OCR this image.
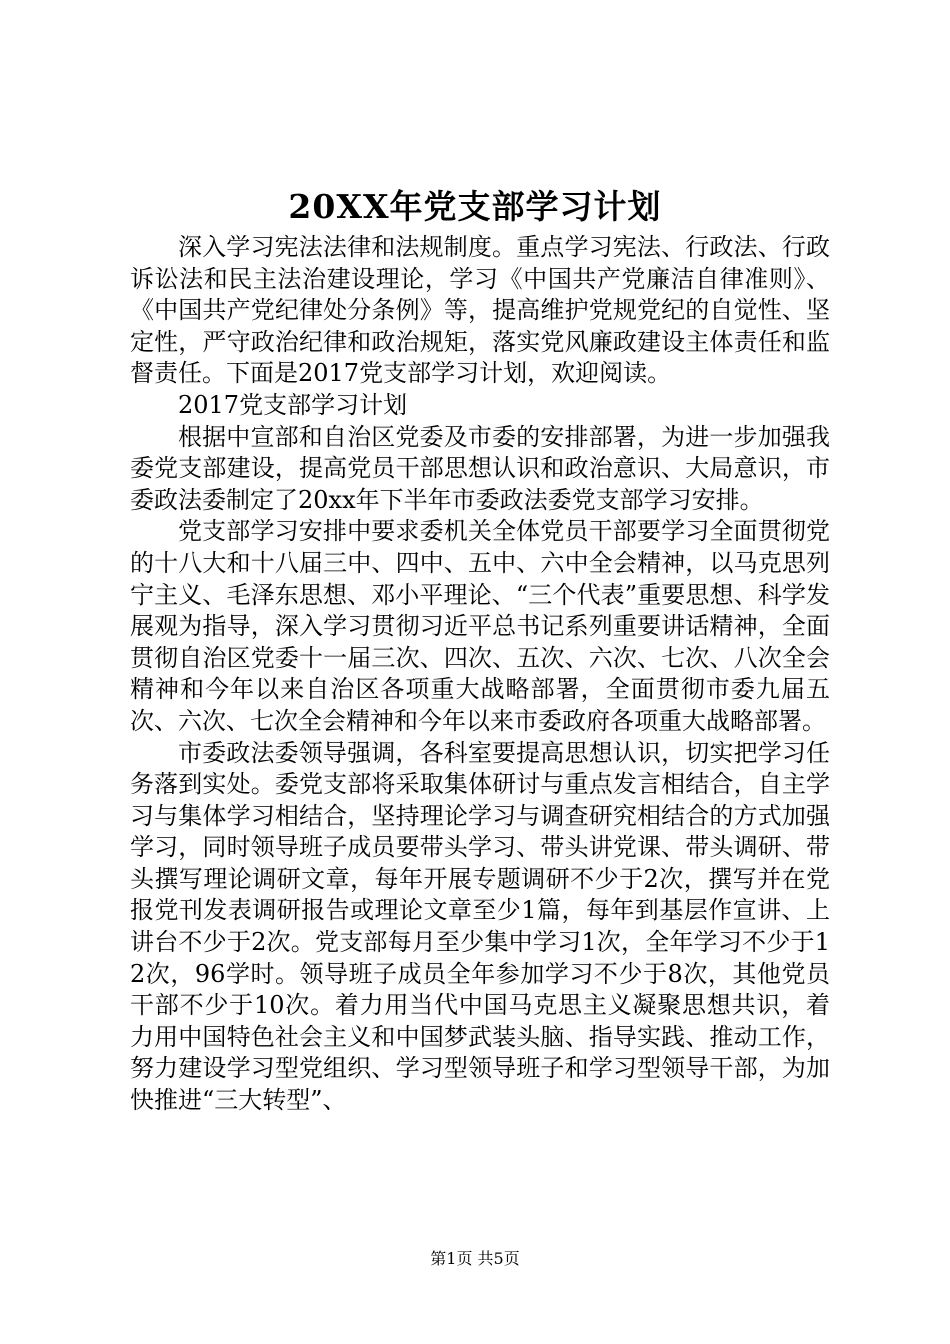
20XX年党支部学习计划

深入学习宪法法律和法规制度。重点学习宪法、行政法、行政诉讼法和民主法治建设理论，学习《中国共产党廉洁自律准则》、《中国共产党纪律处分条例》等，提高维护党规党纪的自觉性、坚定性，严守政治纪律和政治规矩，落实党风廉政建设主体责任和监督责任。下面是2017党支部学习计划，欢迎阅读。

2017党支部学习计划

根据中宣部和自治区党委及市委的安排部署，为进一步加强我委党支部建设，提高党员干部思想认识和政治意识、大局意识，市委政法委制定了20xx年下半年市委政法委党支部学习安排。

党支部学习安排中要求委机关全体党员干部要学习全面贯彻党的十八大和十八届三中、四中、五中、六中全会精神，以马克思列宁主义、毛泽东思想、邓小平理论、“三个代表”重要思想、科学发展观为指导，深入学习贯彻习近平总书记系列重要讲话精神，全面贯彻自治区党委十一届三次、四次、五次、六次、七次、八次全会精神和今年以来自治区各项重大战略部署，全面贯彻市委九届五次、六次、七次全会精神和今年以来市委政府各项重大战略部署。

市委政法委领导强调，各科室要提高思想认识，切实把学习任务落到实处。委党支部将采取集体研讨与重点发言相结合，自主学习与集体学习相结合，坚持理论学习与调查研究相结合的方式加强学习，同时领导班子成员要带头学习、带头讲党课、带头调研、带头撰写理论调研文章，每年开展专题调研不少于2次，撰写并在党报党刊发表调研报告或理论文章至少1篇，每年到基层作宣讲、上讲台不少于2次。党支部每月至少集中学习1次，全年学习不少于12次，96学时。领导班子成员全年参加学习不少于8次，其他党员干部不少于10次。着力用当代中国马克思主义凝聚思想共识，着力用中国特色社会主义和中国梦武装头脑、指导实践、推动工作，努力建设学习型党组织、学习型领导班子和学习型领导干部，为加快推进“三大转型”、

第1页 共5页
